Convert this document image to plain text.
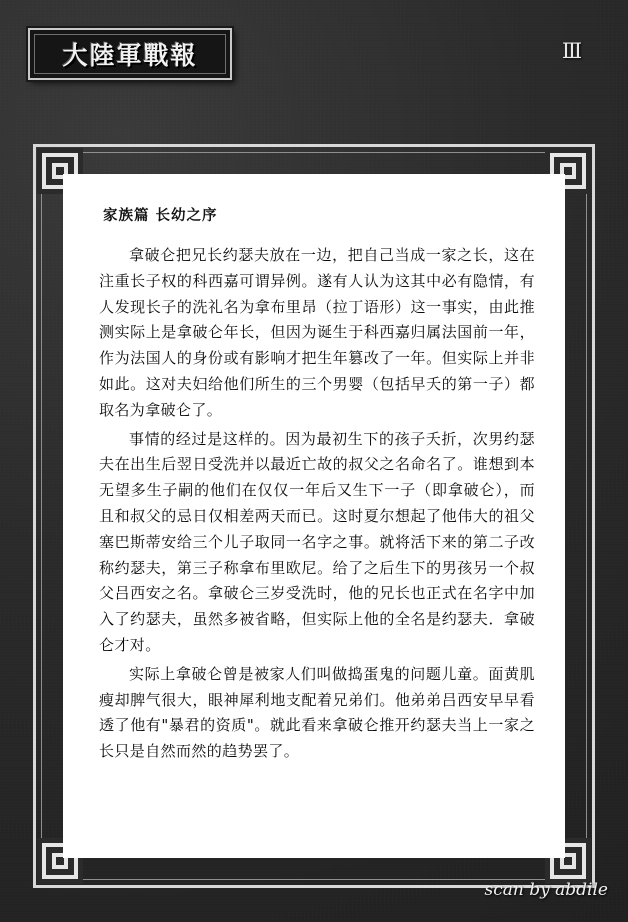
大陸軍戰報	Ⅲ
家族篇 长幼之序

拿破仑把兄长约瑟夫放在一边，把自己当成一家之长，这在注重长子权的科西嘉可谓异例。遂有人认为这其中必有隐情，有人发现长子的洗礼名为拿布里昂（拉丁语形）这一事实，由此推测实际上是拿破仑年长，但因为诞生于科西嘉归属法国前一年，作为法国人的身份或有影响才把生年篡改了一年。但实际上并非如此。这对夫妇给他们所生的三个男婴（包括早夭的第一子）都取名为拿破仑了。

事情的经过是这样的。因为最初生下的孩子夭折，次男约瑟夫在出生后翌日受洗并以最近亡故的叔父之名命名了。谁想到本无望多生子嗣的他们在仅仅一年后又生下一子（即拿破仑），而且和叔父的忌日仅相差两天而已。这时夏尔想起了他伟大的祖父塞巴斯蒂安给三个儿子取同一名字之事。就将活下来的第二子改称约瑟夫，第三子称拿布里欧尼。给了之后生下的男孩另一个叔父吕西安之名。拿破仑三岁受洗时，他的兄长也正式在名字中加入了约瑟夫，虽然多被省略，但实际上他的全名是约瑟夫．拿破仑才对。

实际上拿破仑曾是被家人们叫做捣蛋鬼的问题儿童。面黄肌瘦却脾气很大，眼神犀利地支配着兄弟们。他弟弟吕西安早早看透了他有"暴君的资质"。就此看来拿破仑推开约瑟夫当上一家之长只是自然而然的趋势罢了。

scan by abdile
